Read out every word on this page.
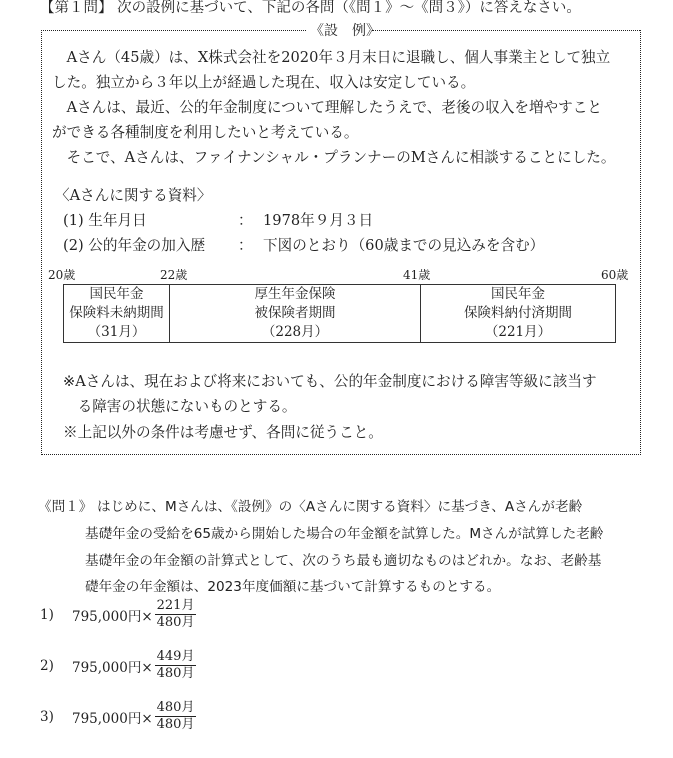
【第１問】 次の設例に基づいて、下記の各問（《問１》～《問３》）に答えなさい。
《設　例》
　Aさん（45歳）は、X株式会社を2020年３月末日に退職し、個人事業主として独立
した。独立から３年以上が経過した現在、収入は安定している。
　Aさんは、最近、公的年金制度について理解したうえで、老後の収入を増やすこと
ができる各種制度を利用したいと考えている。
　そこで、Aさんは、ファイナンシャル・プランナーのMさんに相談することにした。
〈Aさんに関する資料〉
(1) 生年月日	： 1978年９月３日
(2) 公的年金の加入歴 ： 下図のとおり（60歳までの見込みを含む）
20歳	22歳	41歳	60歳
国民年金
保険料未納期間
（31月）

厚生年金保険
被保険者期間
（228月）

国民年金
保険料納付済期間
（221月）
※Aさんは、現在および将来においても、公的年金制度における障害等級に該当す
　る障害の状態にないものとする。
※上記以外の条件は考慮せず、各問に従うこと。
《問１》 はじめに、Mさんは、《設例》の〈Aさんに関する資料〉に基づき、Aさんが老齢
基礎年金の受給を65歳から開始した場合の年金額を試算した。Mさんが試算した老齢
基礎年金の年金額の計算式として、次のうち最も適切なものはどれか。なお、老齢基
礎年金の年金額は、2023年度価額に基づいて計算するものとする。
1)	795,000円× $\frac{\text{221月}}{\text{480月}}$
2)	795,000円× $\frac{\text{449月}}{\text{480月}}$
3)	795,000円× $\frac{\text{480月}}{\text{480月}}$
